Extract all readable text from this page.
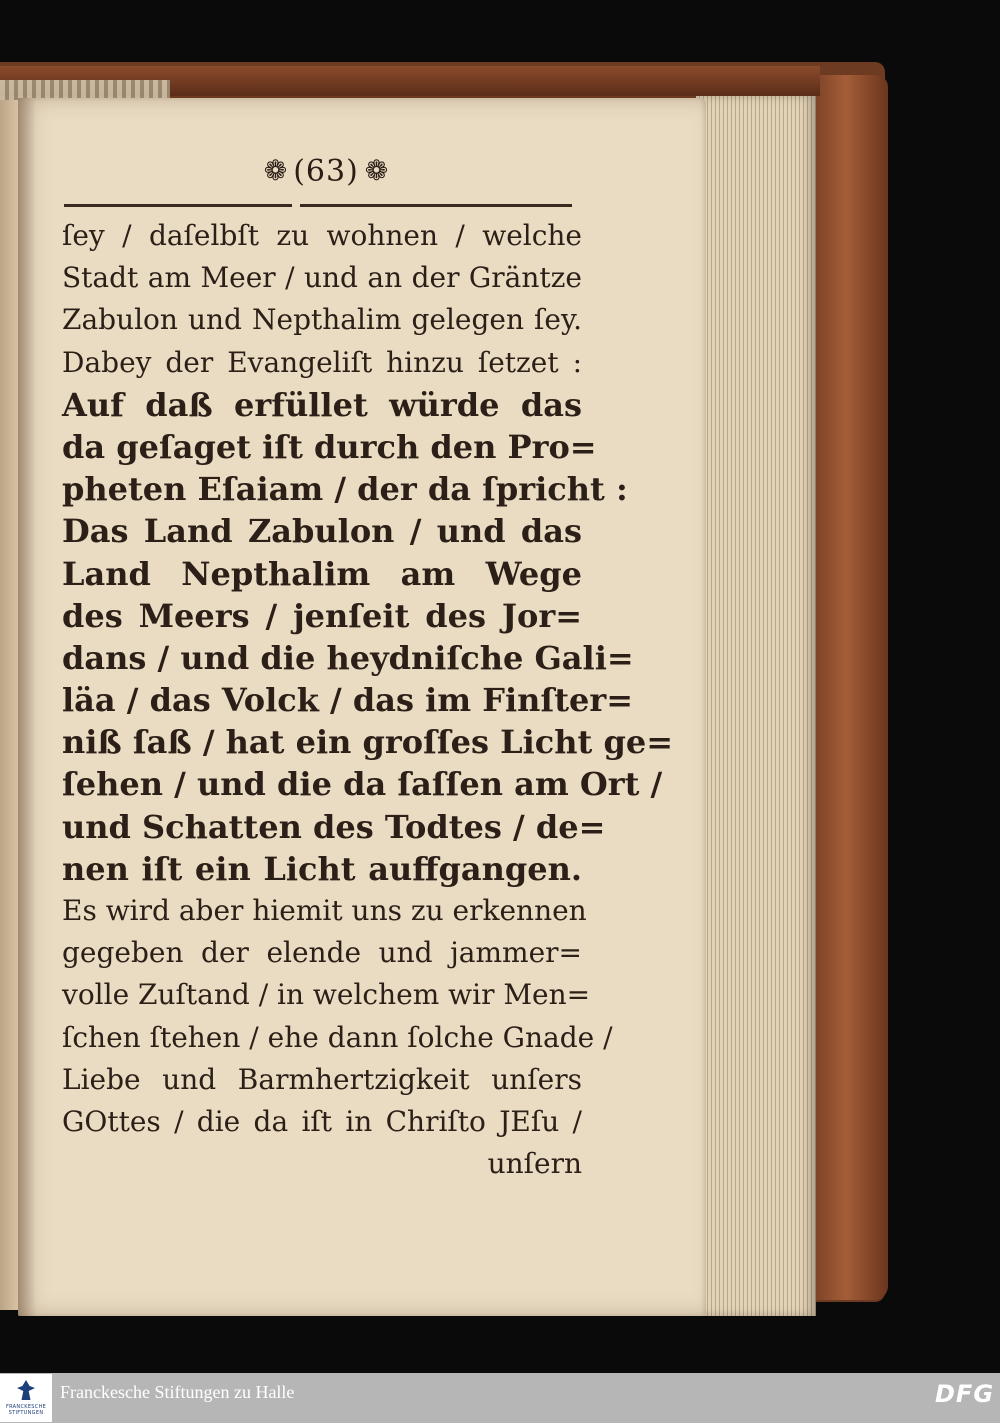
❁ (63) ❁
ſey / daſelbſt zu wohnen / welche
Stadt am Meer / und an der Gräntze
Zabulon und Nepthalim gelegen ſey.
Dabey der Evangeliſt hinzu ſetzet :
Auf daß erfüllet würde das
da geſaget iſt durch den Pro=
pheten Eſaiam / der da ſpricht :
Das Land Zabulon / und das
Land Nepthalim am Wege
des Meers / jenſeit des Jor=
dans / und die heydniſche Gali=
läa / das Volck / das im Finſter=
niß ſaß / hat ein groſſes Licht ge=
ſehen / und die da ſaſſen am Ort /
und Schatten des Todtes / de=
nen iſt ein Licht auffgangen.
Es wird aber hiemit uns zu erkennen
gegeben der elende und jammer=
volle Zuſtand / in welchem wir Men=
ſchen ſtehen / ehe dann ſolche Gnade /
Liebe und Barmhertzigkeit unſers
GOttes / die da iſt in Chriſto JEſu /
unſern
FRANCKESCHE STIFTUNGEN
Franckesche Stiftungen zu Halle	DFG
